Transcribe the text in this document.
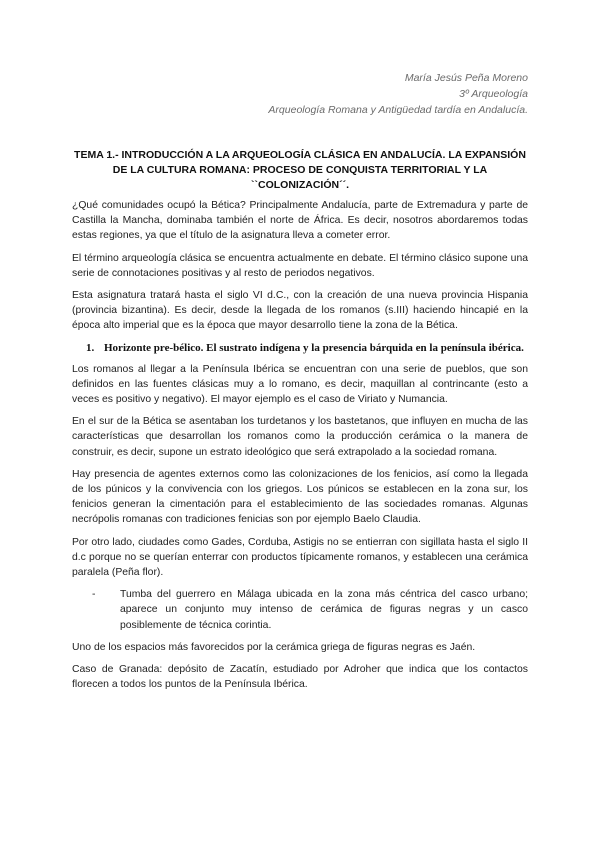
María Jesús Peña Moreno
3º Arqueología
Arqueología Romana y Antigüedad tardía en Andalucía.
TEMA 1.- INTRODUCCIÓN A LA ARQUEOLOGÍA CLÁSICA EN ANDALUCÍA. LA EXPANSIÓN DE LA CULTURA ROMANA: PROCESO DE CONQUISTA TERRITORIAL Y LA ``COLONIZACIÓN´´.

¿Qué comunidades ocupó la Bética? Principalmente Andalucía, parte de Extremadura y parte de Castilla la Mancha, dominaba también el norte de África. Es decir, nosotros abordaremos todas estas regiones, ya que el título de la asignatura lleva a cometer error.

El término arqueología clásica se encuentra actualmente en debate. El término clásico supone una serie de connotaciones positivas y al resto de periodos negativos.

Esta asignatura tratará hasta el siglo VI d.C., con la creación de una nueva provincia Hispania (provincia bizantina). Es decir, desde la llegada de los romanos (s.III) haciendo hincapié en la época alto imperial que es la época que mayor desarrollo tiene la zona de la Bética.

1. Horizonte pre-bélico. El sustrato indígena y la presencia bárquida en la península ibérica.

Los romanos al llegar a la Península Ibérica se encuentran con una serie de pueblos, que son definidos en las fuentes clásicas muy a lo romano, es decir, maquillan al contrincante (esto a veces es positivo y negativo). El mayor ejemplo es el caso de Viriato y Numancia.

En el sur de la Bética se asentaban los turdetanos y los bastetanos, que influyen en mucha de las características que desarrollan los romanos como la producción cerámica o la manera de construir, es decir, supone un estrato ideológico que será extrapolado a la sociedad romana.

Hay presencia de agentes externos como las colonizaciones de los fenicios, así como la llegada de los púnicos y la convivencia con los griegos. Los púnicos se establecen en la zona sur, los fenicios generan la cimentación para el establecimiento de las sociedades romanas. Algunas necrópolis romanas con tradiciones fenicias son por ejemplo Baelo Claudia.

Por otro lado, ciudades como Gades, Corduba, Astigis no se entierran con sigillata hasta el siglo II d.c porque no se querían enterrar con productos típicamente romanos, y establecen una cerámica paralela (Peña flor).

-	Tumba del guerrero en Málaga ubicada en la zona más céntrica del casco urbano; aparece un conjunto muy intenso de cerámica de figuras negras y un casco posiblemente de técnica corintia.

Uno de los espacios más favorecidos por la cerámica griega de figuras negras es Jaén.

Caso de Granada: depósito de Zacatín, estudiado por Adroher que indica que los contactos florecen a todos los puntos de la Península Ibérica.
